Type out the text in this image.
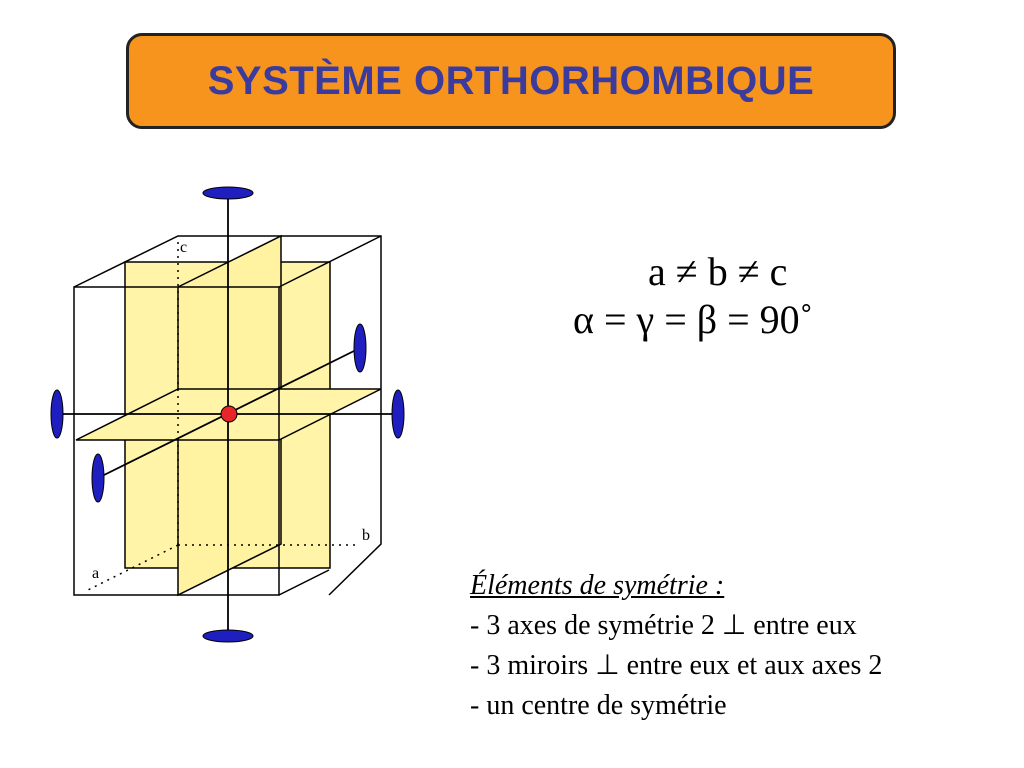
SYSTÈME ORTHORHOMBIQUE
c
b
a
a ≠ b ≠ c
α = γ = β = 90˚
Éléments de symétrie :
- 3 axes de symétrie 2 ⊥ entre eux
- 3 miroirs ⊥ entre eux et aux axes 2
- un centre de symétrie
